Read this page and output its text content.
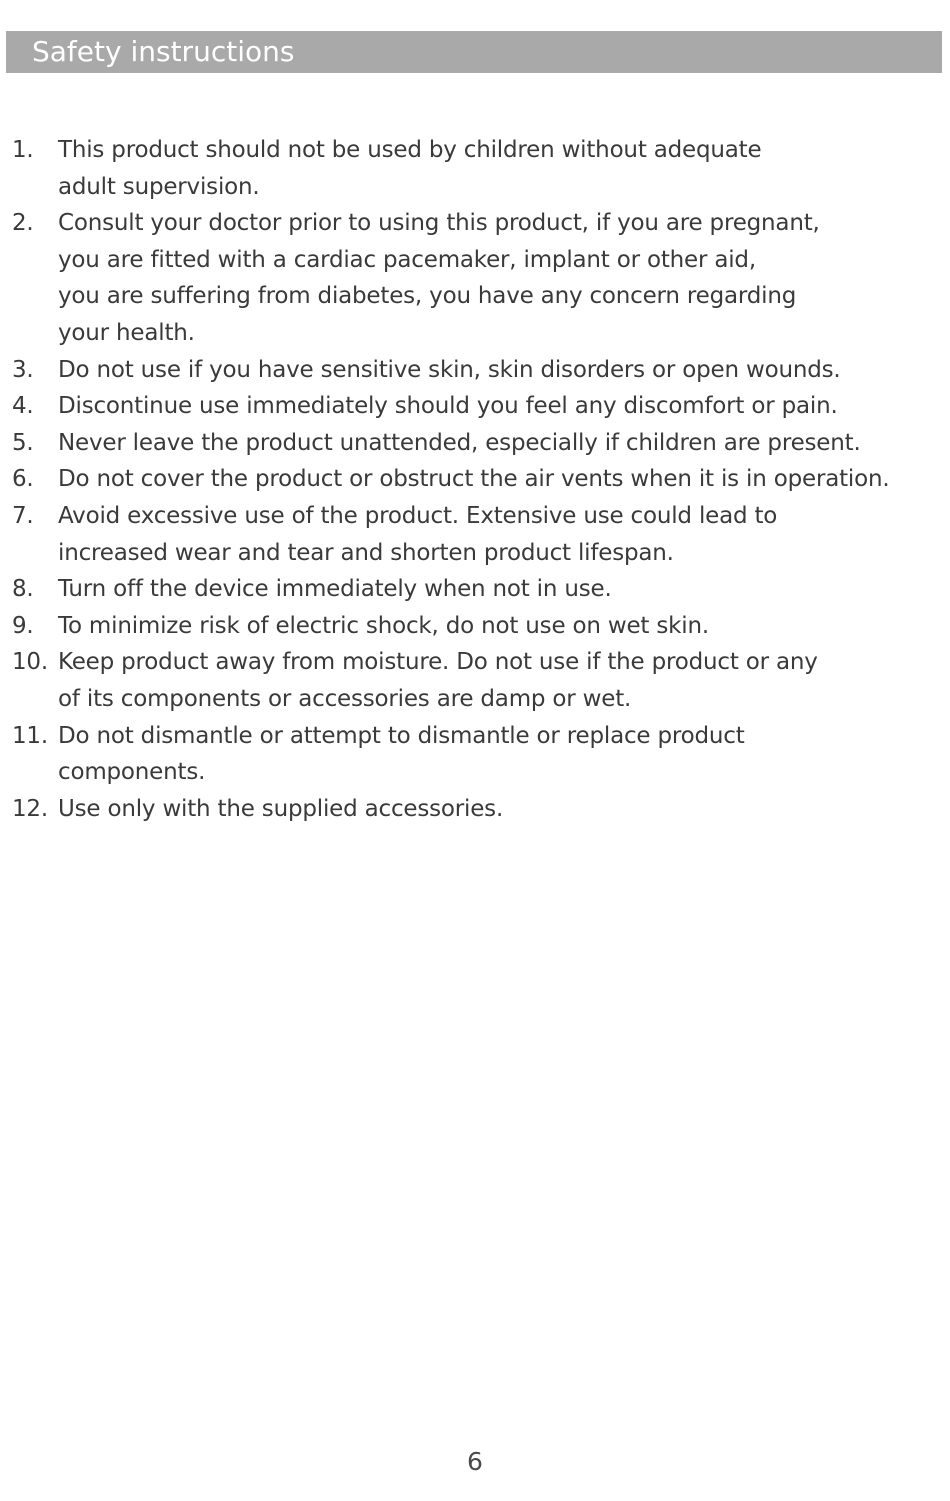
Safety instructions
1. This product should not be used by children without adequate
adult supervision.
2. Consult your doctor prior to using this product, if you are pregnant,
you are fitted with a cardiac pacemaker, implant or other aid,
you are suffering from diabetes, you have any concern regarding
your health.
3. Do not use if you have sensitive skin, skin disorders or open wounds.
4. Discontinue use immediately should you feel any discomfort or pain.
5. Never leave the product unattended, especially if children are present.
6. Do not cover the product or obstruct the air vents when it is in operation.
7. Avoid excessive use of the product. Extensive use could lead to
increased wear and tear and shorten product lifespan.
8. Turn off the device immediately when not in use.
9. To minimize risk of electric shock, do not use on wet skin.
10. Keep product away from moisture. Do not use if the product or any
of its components or accessories are damp or wet.
11. Do not dismantle or attempt to dismantle or replace product
components.
12. Use only with the supplied accessories.
6
